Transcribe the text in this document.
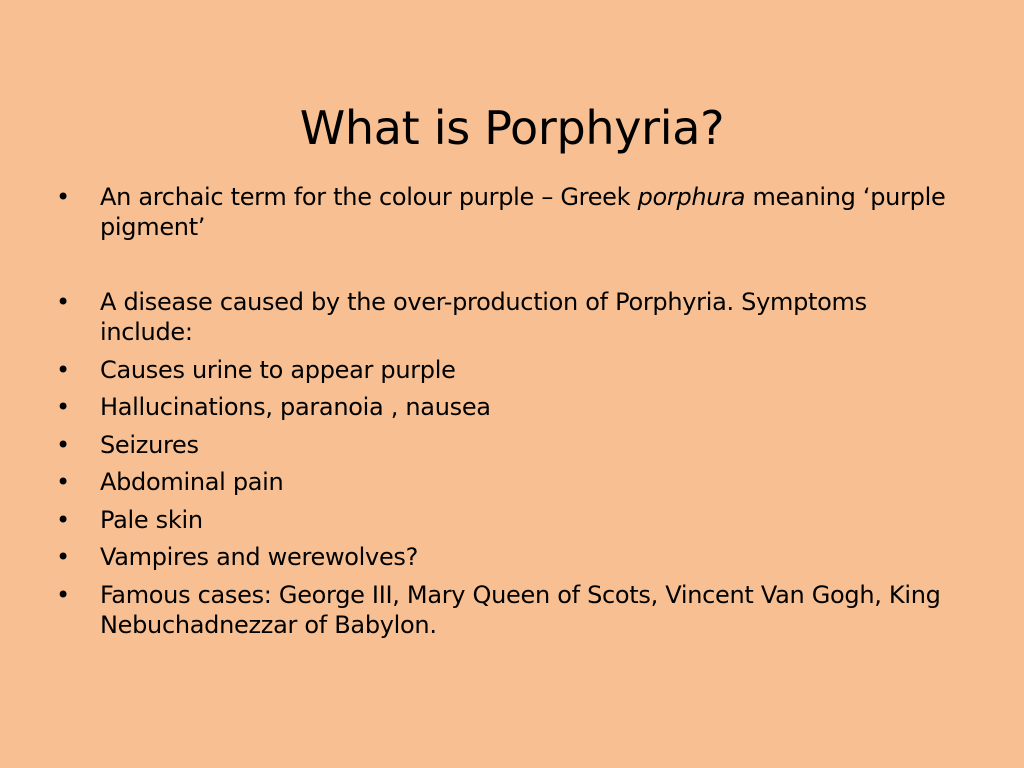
What is Porphyria?
• An archaic term for the colour purple – Greek porphura meaning ‘purple pigment’
• A disease caused by the over-production of Porphyria. Symptoms include:
• Causes urine to appear purple
• Hallucinations, paranoia , nausea
• Seizures
• Abdominal pain
• Pale skin
• Vampires and werewolves?
• Famous cases: George III, Mary Queen of Scots, Vincent Van Gogh, King Nebuchadnezzar of Babylon.
